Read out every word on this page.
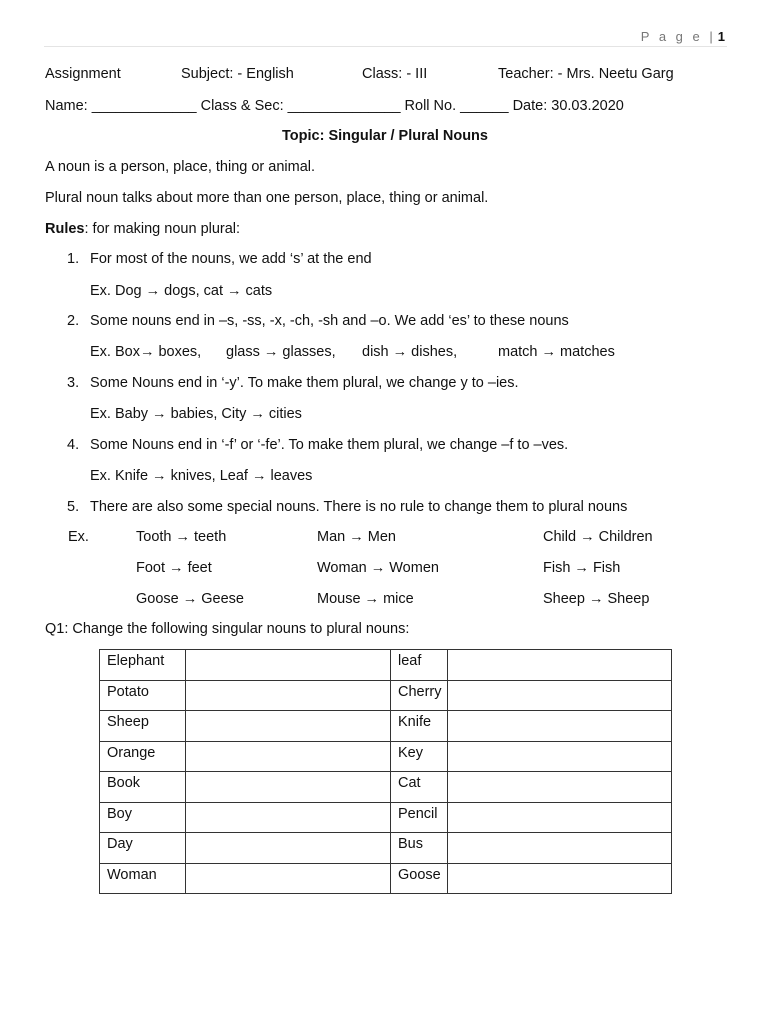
P a g e | 1
Assignment	Subject: - English	Class: - III	Teacher: - Mrs. Neetu Garg
Name: _____________ Class & Sec: ______________ Roll No. ______ Date: 30.03.2020
Topic: Singular / Plural Nouns
A noun is a person, place, thing or animal.
Plural noun talks about more than one person, place, thing or animal.
Rules: for making noun plural:
1. For most of the nouns, we add ‘s’ at the end
Ex. Dog → dogs, cat → cats
2. Some nouns end in –s, -ss, -x, -ch, -sh and –o. We add ‘es’ to these nouns
Ex. Box→ boxes, glass → glasses, dish → dishes,	match → matches
3. Some Nouns end in ‘-y’. To make them plural, we change y to –ies.
Ex. Baby → babies, City → cities
4. Some Nouns end in ‘-f’ or ‘-fe’. To make them plural, we change –f to –ves.
Ex. Knife → knives, Leaf → leaves
5. There are also some special nouns. There is no rule to change them to plural nouns
Ex.	Tooth → teeth	Man → Men	Child → Children
Foot → feet	Woman → Women	Fish → Fish
Goose → Geese	Mouse → mice	Sheep → Sheep
Q1: Change the following singular nouns to plural nouns:
Elephant		leaf	
Potato		Cherry	
Sheep		Knife	
Orange		Key	
Book		Cat	
Boy		Pencil	
Day		Bus	
Woman		Goose	
